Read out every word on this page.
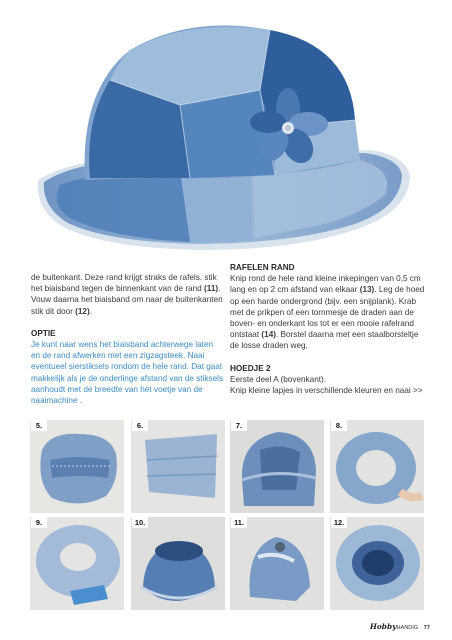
de buitenkant. Deze rand krijgt straks de rafels. stik het biaisband tegen de binnenkant van de rand (11). Vouw daarna het biaisband om naar de buitenkanten stik dit door (12).

OPTIE

Je kunt naar wens het biaisband achterwege laten en de rand afwerken met een zigzagsteek. Naai eventueel sierstiksels rondom de hele rand. Dat gaat makkelijk als je de onderlinge afstand van de stiksels aanhoudt met de breedte van het voetje van de naaimachine .

RAFELEN RAND

Knip rond de hele rand kleine inkepingen van 0,5 cm lang en op 2 cm afstand van elkaar (13). Leg de hoed op een harde ondergrond (bijv. een snijplank). Krab met de prikpen of een tornmesje de draden aan de boven- en onderkant los tot er een mooie rafelrand ontstaat (14). Borstel daarna met een staalborsteltje de losse draden weg.

HOEDJE 2

Eerste deel A (bovenkant).

Knip kleine lapjes in verschillende kleuren en naai >>

5.	6.	7.	8.
9.	10.	11.	12.
HobbyHANDIG 77
